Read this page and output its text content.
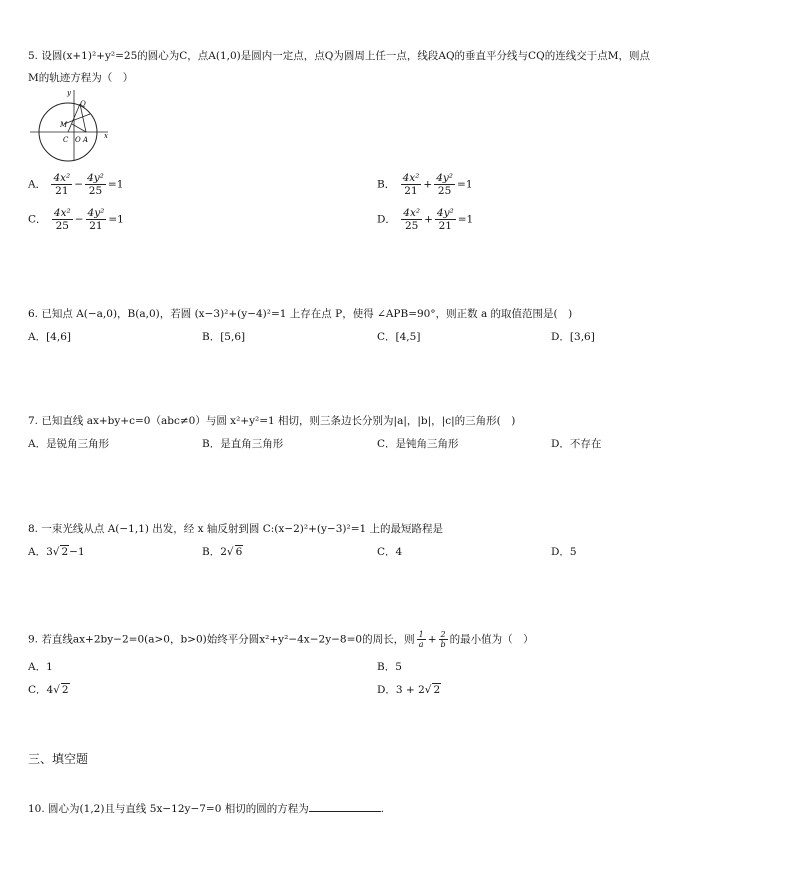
5. 设圆(x+1)²+y²=25的圆心为C，点A(1,0)是圆内一定点，点Q为圆周上任一点，线段AQ的垂直平分线与CQ的连线交于点M，则点
M的轨迹方程为（　）
y
Q
M
C O A x
A． $\frac{\text{4x²}}{21} - \frac{\text{4y²}}{25} =1$	B． $\frac{\text{4x²}}{21} + \frac{\text{4y²}}{25} =1$
C． $\frac{\text{4x²}}{25} - \frac{\text{4y²}}{21} =1$	D． $\frac{\text{4x²}}{25} + \frac{\text{4y²}}{21} =1$
6. 已知点 A(−a,0)，B(a,0)，若圆 (x−3)²+(y−4)²=1 上存在点 P，使得 ∠APB=90°，则正数 a 的取值范围是(　)
A．[4,6]	B．[5,6]	C．[4,5]	D．[3,6]
7. 已知直线 ax+by+c=0（abc≠0）与圆 x²+y²=1 相切，则三条边长分别为|a|，|b|，|c|的三角形(　)
A．是锐角三角形	B．是直角三角形	C．是钝角三角形	D．不存在
8. 一束光线从点 A(−1,1) 出发，经 x 轴反射到圆 C:(x−2)²+(y−3)²=1 上的最短路程是
A．3√ 2−1	B．2√ 6	C．4	D．5
9. 若直线ax+2by−2=0(a>0，b>0)始终平分圆x²+y²−4x−2y−8=0的周长，则 $\frac{1}{a} + \frac{2}{b}$ 的最小值为（　）
A．1	B．5
C．4√ 2	D．3 + 2√ 2
三、填空题
10. 圆心为(1,2)且与直线 5x−12y−7=0 相切的圆的方程为	.
